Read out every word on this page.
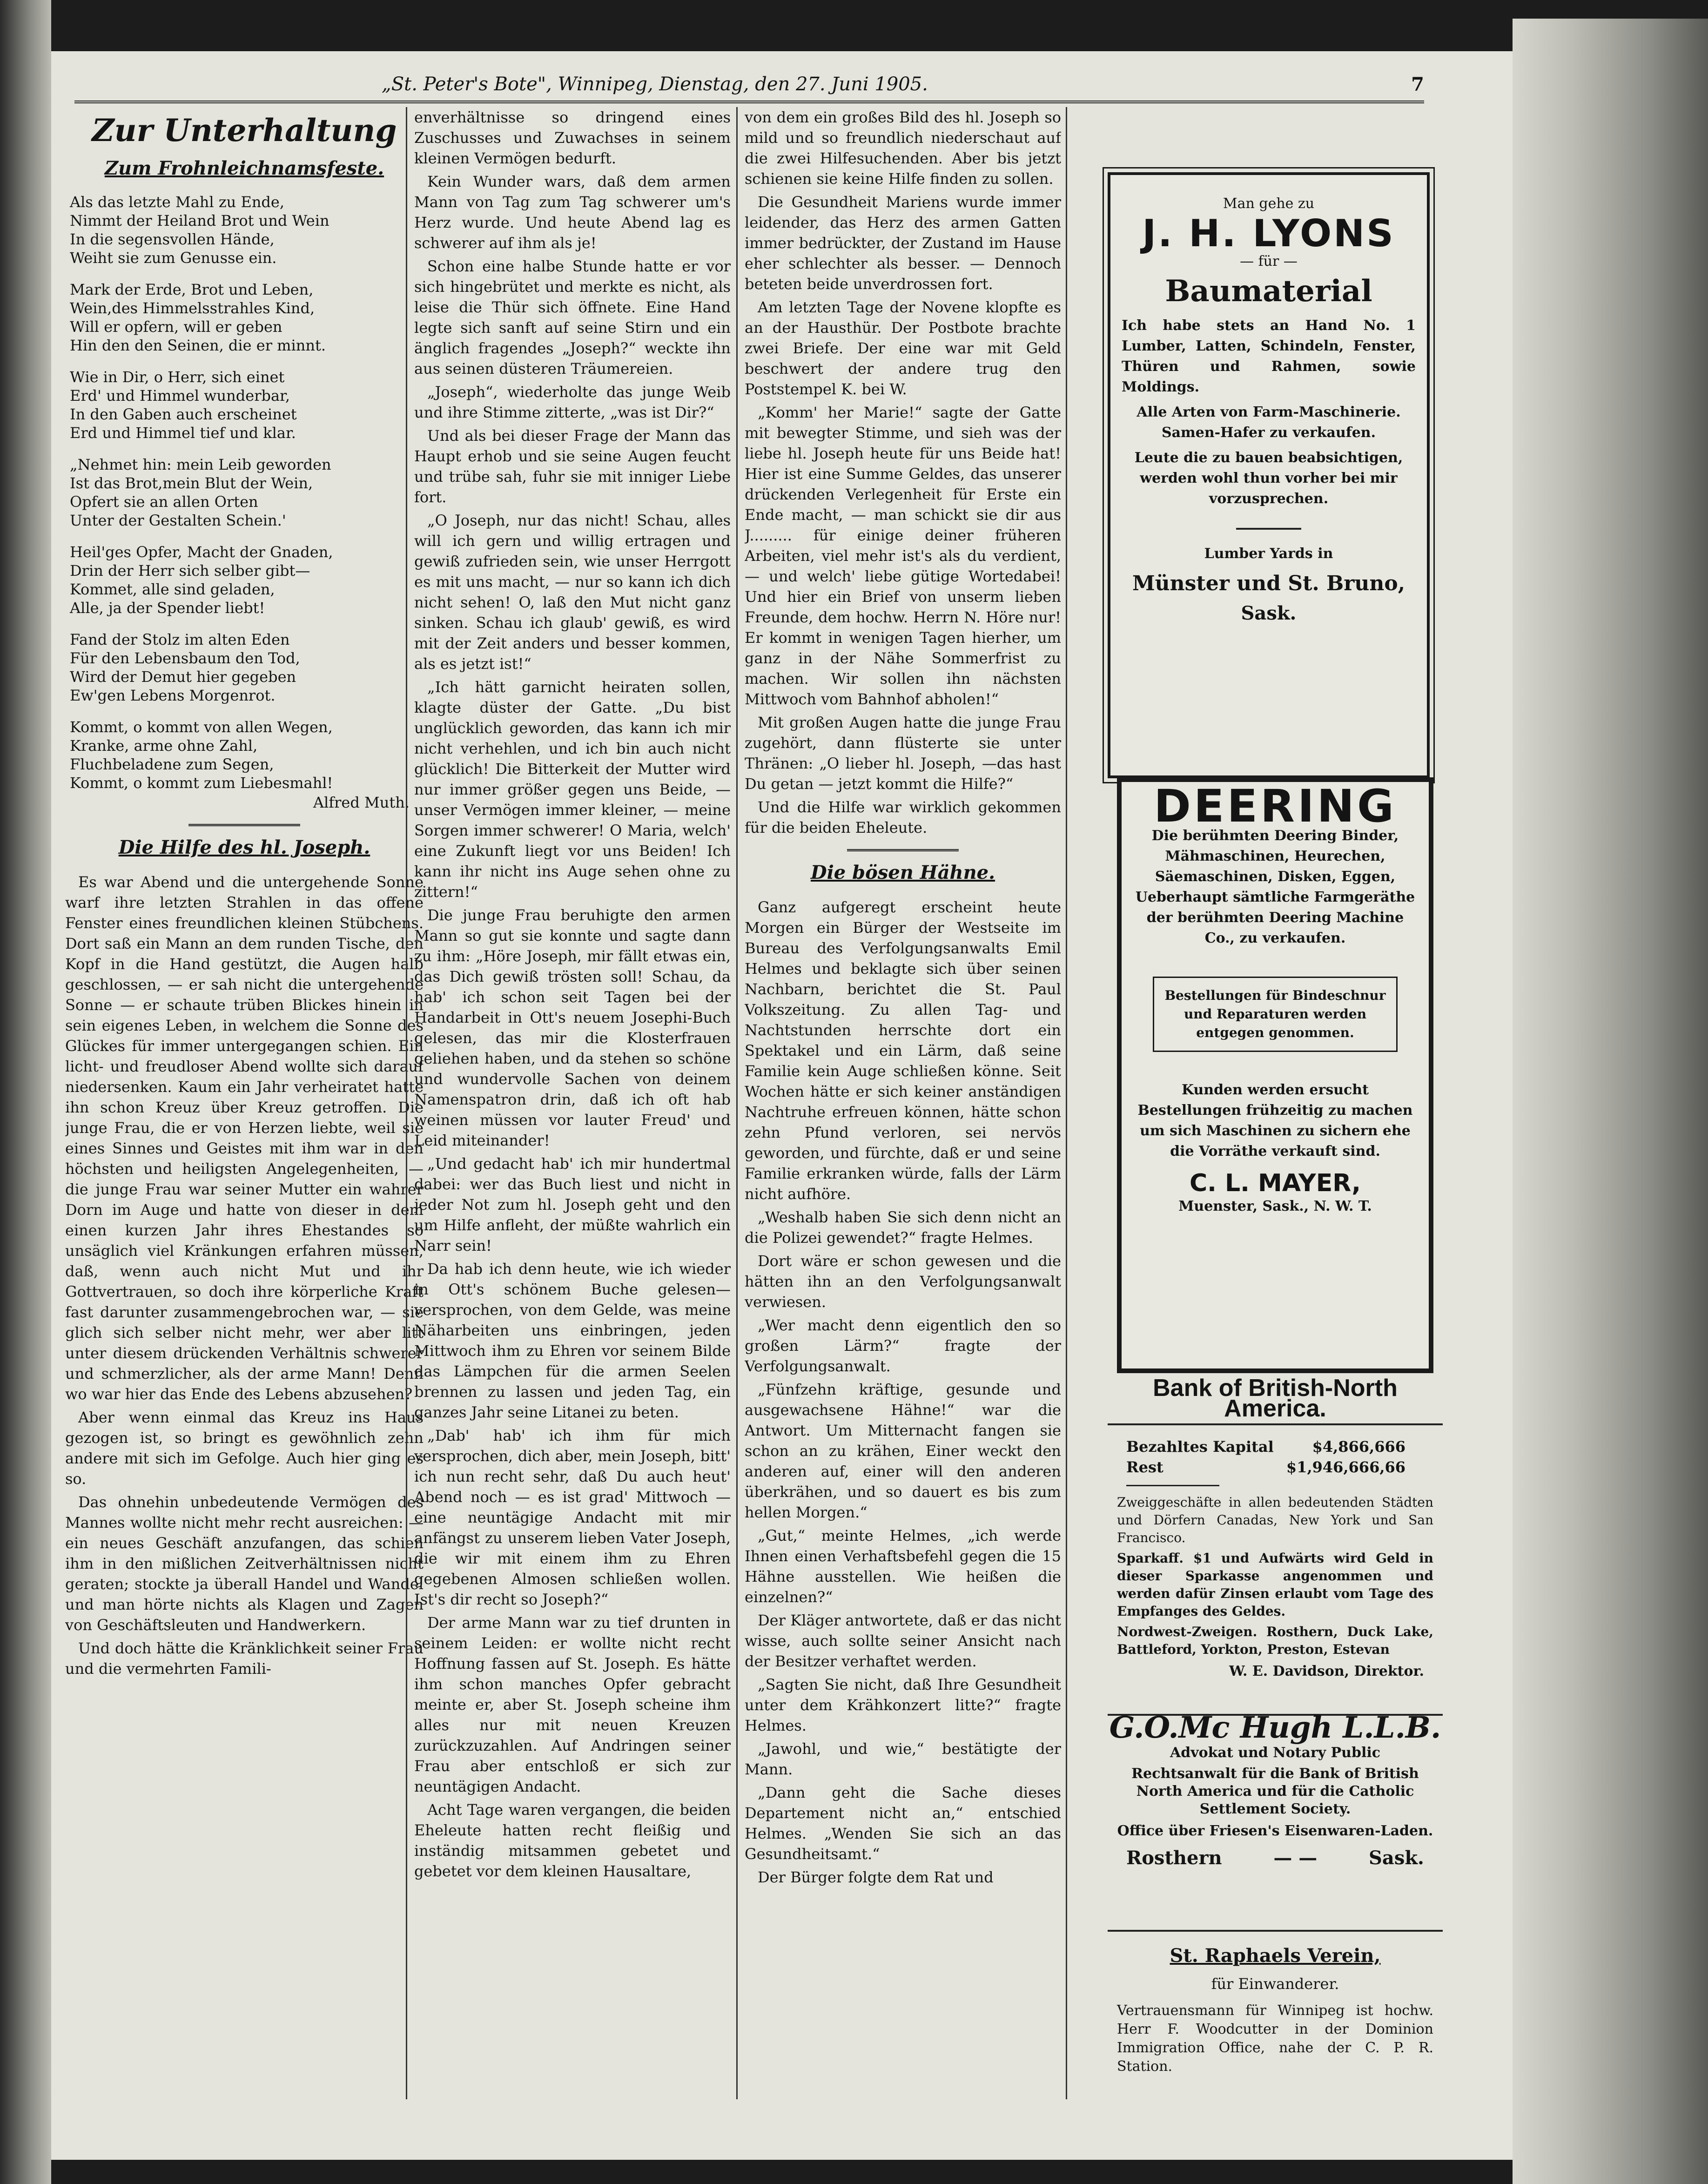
„St. Peter's Bote", Winnipeg, Dienstag, den 27. Juni 1905.	7
Zur Unterhaltung
Zum Frohnleichnamsfeste.
Als das letzte Mahl zu Ende,
Nimmt der Heiland Brot und Wein
In die segensvollen Hände,
Weiht sie zum Genusse ein.
Mark der Erde, Brot und Leben,
Wein,des Himmelsstrahles Kind,
Will er opfern, will er geben
Hin den den Seinen, die er minnt.
Wie in Dir, o Herr, sich einet
Erd' und Himmel wunderbar,
In den Gaben auch erscheinet
Erd und Himmel tief und klar.
„Nehmet hin: mein Leib geworden
Ist das Brot,mein Blut der Wein,
Opfert sie an allen Orten
Unter der Gestalten Schein.'
Heil'ges Opfer, Macht der Gnaden,
Drin der Herr sich selber gibt—
Kommet, alle sind geladen,
Alle, ja der Spender liebt!
Fand der Stolz im alten Eden
Für den Lebensbaum den Tod,
Wird der Demut hier gegeben
Ew'gen Lebens Morgenrot.
Kommt, o kommt von allen Wegen,
Kranke, arme ohne Zahl,
Fluchbeladene zum Segen,
Kommt, o kommt zum Liebesmahl!
Alfred Muth.
Die Hilfe des hl. Joseph.

Es war Abend und die untergehende Sonne warf ihre letzten Strahlen in das offene Fenster eines freundlichen kleinen Stübchens. Dort saß ein Mann an dem runden Tische, den Kopf in die Hand gestützt, die Augen halb geschlossen, — er sah nicht die untergehende Sonne — er schaute trüben Blickes hinein in sein eigenes Leben, in welchem die Sonne des Glückes für immer untergegangen schien. Ein licht- und freudloser Abend wollte sich darauf niedersenken. Kaum ein Jahr verheiratet hatte ihn schon Kreuz über Kreuz getroffen. Die junge Frau, die er von Herzen liebte, weil sie eines Sinnes und Geistes mit ihm war in den höchsten und heiligsten Angelegenheiten, — die junge Frau war seiner Mutter ein wahrer Dorn im Auge und hatte von dieser in dem einen kurzen Jahr ihres Ehestandes so unsäglich viel Kränkungen erfahren müssen, daß, wenn auch nicht Mut und ihr Gottvertrauen, so doch ihre körperliche Kraft fast darunter zusammengebrochen war, — sie glich sich selber nicht mehr, wer aber litt unter diesem drückenden Verhältnis schwerer und schmerzlicher, als der arme Mann! Denn wo war hier das Ende des Lebens abzusehen?

Aber wenn einmal das Kreuz ins Haus gezogen ist, so bringt es gewöhnlich zehn andere mit sich im Gefolge. Auch hier ging es so.

Das ohnehin unbedeutende Vermögen des Mannes wollte nicht mehr recht ausreichen: — ein neues Geschäft anzufangen, das schien ihm in den mißlichen Zeitverhältnissen nicht geraten; stockte ja überall Handel und Wandel und man hörte nichts als Klagen und Zagen von Geschäftsleuten und Handwerkern.

Und doch hätte die Kränklichkeit seiner Frau und die vermehrten Famili-

enverhältnisse so dringend eines Zuschusses und Zuwachses in seinem kleinen Vermögen bedurft.

Kein Wunder wars, daß dem armen Mann von Tag zum Tag schwerer um's Herz wurde. Und heute Abend lag es schwerer auf ihm als je!

Schon eine halbe Stunde hatte er vor sich hingebrütet und merkte es nicht, als leise die Thür sich öffnete. Eine Hand legte sich sanft auf seine Stirn und ein änglich fragendes „Joseph?“ weckte ihn aus seinen düsteren Träumereien.

„Joseph“, wiederholte das junge Weib und ihre Stimme zitterte, „was ist Dir?“

Und als bei dieser Frage der Mann das Haupt erhob und sie seine Augen feucht und trübe sah, fuhr sie mit inniger Liebe fort.

„O Joseph, nur das nicht! Schau, alles will ich gern und willig ertragen und gewiß zufrieden sein, wie unser Herrgott es mit uns macht, — nur so kann ich dich nicht sehen! O, laß den Mut nicht ganz sinken. Schau ich glaub' gewiß, es wird mit der Zeit anders und besser kommen, als es jetzt ist!“

„Ich hätt garnicht heiraten sollen, klagte düster der Gatte. „Du bist unglücklich geworden, das kann ich mir nicht verhehlen, und ich bin auch nicht glücklich! Die Bitterkeit der Mutter wird nur immer größer gegen uns Beide, — unser Vermögen immer kleiner, — meine Sorgen immer schwerer! O Maria, welch' eine Zukunft liegt vor uns Beiden! Ich kann ihr nicht ins Auge sehen ohne zu zittern!“

Die junge Frau beruhigte den armen Mann so gut sie konnte und sagte dann zu ihm: „Höre Joseph, mir fällt etwas ein, das Dich gewiß trösten soll! Schau, da hab' ich schon seit Tagen bei der Handarbeit in Ott's neuem Josephi-Buch gelesen, das mir die Klosterfrauen geliehen haben, und da stehen so schöne und wundervolle Sachen von deinem Namenspatron drin, daß ich oft hab weinen müssen vor lauter Freud' und Leid miteinander!

„Und gedacht hab' ich mir hundertmal dabei: wer das Buch liest und nicht in jeder Not zum hl. Joseph geht und den um Hilfe anfleht, der müßte wahrlich ein Narr sein!

Da hab ich denn heute, wie ich wieder in Ott's schönem Buche gelesen— versprochen, von dem Gelde, was meine Näharbeiten uns einbringen, jeden Mittwoch ihm zu Ehren vor seinem Bilde das Lämpchen für die armen Seelen brennen zu lassen und jeden Tag, ein ganzes Jahr seine Litanei zu beten.

„Dab' hab' ich ihm für mich versprochen, dich aber, mein Joseph, bitt' ich nun recht sehr, daß Du auch heut' Abend noch — es ist grad' Mittwoch —eine neuntägige Andacht mit mir anfängst zu unserem lieben Vater Joseph, die wir mit einem ihm zu Ehren gegebenen Almosen schließen wollen. Ist's dir recht so Joseph?“

Der arme Mann war zu tief drunten in seinem Leiden: er wollte nicht recht Hoffnung fassen auf St. Joseph. Es hätte ihm schon manches Opfer gebracht meinte er, aber St. Joseph scheine ihm alles nur mit neuen Kreuzen zurückzuzahlen. Auf Andringen seiner Frau aber entschloß er sich zur neuntägigen Andacht.

Acht Tage waren vergangen, die beiden Eheleute hatten recht fleißig und inständig mitsammen gebetet und gebetet vor dem kleinen Hausaltare,

von dem ein großes Bild des hl. Joseph so mild und so freundlich niederschaut auf die zwei Hilfesuchenden. Aber bis jetzt schienen sie keine Hilfe finden zu sollen.

Die Gesundheit Mariens wurde immer leidender, das Herz des armen Gatten immer bedrückter, der Zustand im Hause eher schlechter als besser. — Dennoch beteten beide unverdrossen fort.

Am letzten Tage der Novene klopfte es an der Hausthür. Der Postbote brachte zwei Briefe. Der eine war mit Geld beschwert der andere trug den Poststempel K. bei W.

„Komm' her Marie!“ sagte der Gatte mit bewegter Stimme, und sieh was der liebe hl. Joseph heute für uns Beide hat! Hier ist eine Summe Geldes, das unserer drückenden Verlegenheit für Erste ein Ende macht, — man schickt sie dir aus J......... für einige deiner früheren Arbeiten, viel mehr ist's als du verdient, — und welch' liebe gütige Wortedabei! Und hier ein Brief von unserm lieben Freunde, dem hochw. Herrn N. Höre nur! Er kommt in wenigen Tagen hierher, um ganz in der Nähe Sommerfrist zu machen. Wir sollen ihn nächsten Mittwoch vom Bahnhof abholen!“

Mit großen Augen hatte die junge Frau zugehört, dann flüsterte sie unter Thränen: „O lieber hl. Joseph, —das hast Du getan — jetzt kommt die Hilfe?“

Und die Hilfe war wirklich gekommen für die beiden Eheleute.

Die bösen Hähne.

Ganz aufgeregt erscheint heute Morgen ein Bürger der Westseite im Bureau des Verfolgungsanwalts Emil Helmes und beklagte sich über seinen Nachbarn, berichtet die St. Paul Volkszeitung. Zu allen Tag- und Nachtstunden herrschte dort ein Spektakel und ein Lärm, daß seine Familie kein Auge schließen könne. Seit Wochen hätte er sich keiner anständigen Nachtruhe erfreuen können, hätte schon zehn Pfund verloren, sei nervös geworden, und fürchte, daß er und seine Familie erkranken würde, falls der Lärm nicht aufhöre.

„Weshalb haben Sie sich denn nicht an die Polizei gewendet?“ fragte Helmes.

Dort wäre er schon gewesen und die hätten ihn an den Verfolgungsanwalt verwiesen.

„Wer macht denn eigentlich den so großen Lärm?“ fragte der Verfolgungsanwalt.

„Fünfzehn kräftige, gesunde und ausgewachsene Hähne!“ war die Antwort. Um Mitternacht fangen sie schon an zu krähen, Einer weckt den anderen auf, einer will den anderen überkrähen, und so dauert es bis zum hellen Morgen.“

„Gut,“ meinte Helmes, „ich werde Ihnen einen Verhaftsbefehl gegen die 15 Hähne ausstellen. Wie heißen die einzelnen?“

Der Kläger antwortete, daß er das nicht wisse, auch sollte seiner Ansicht nach der Besitzer verhaftet werden.

„Sagten Sie nicht, daß Ihre Gesundheit unter dem Krähkonzert litte?“ fragte Helmes.

„Jawohl, und wie,“ bestätigte der Mann.

„Dann geht die Sache dieses Departement nicht an,“ entschied Helmes. „Wenden Sie sich an das Gesundheitsamt.“

Der Bürger folgte dem Rat und

Man gehe zu
J. H. LYONS
— für —
Baumaterial
Ich habe stets an Hand No. 1 Lumber, Latten, Schindeln, Fenster, Thüren und Rahmen, sowie Moldings.
Alle Arten von Farm-Maschinerie. Samen-Hafer zu verkaufen.
Leute die zu bauen beabsichtigen, werden wohl thun vorher bei mir vorzusprechen.
Lumber Yards in
Münster und St. Bruno,
Sask.
DEERING
Die berühmten Deering Binder, Mähmaschinen, Heurechen, Säemaschinen, Disken, Eggen, Ueberhaupt sämtliche Farmgeräthe der berühmten Deering Machine Co., zu verkaufen.
Bestellungen für Bindeschnur und Reparaturen werden entgegen genommen.
Kunden werden ersucht Bestellungen frühzeitig zu machen um sich Maschinen zu sichern ehe die Vorräthe verkauft sind.
C. L. MAYER,
Muenster, Sask., N. W. T.
Bank of British-North America.
Bezahltes Kapital	$4,866,666
Rest	$1,946,666,66
Zweiggeschäfte in allen bedeutenden Städten und Dörfern Canadas, New York und San Francisco.
Sparkaff. $1 und Aufwärts wird Geld in dieser Sparkasse angenommen und werden dafür Zinsen erlaubt vom Tage des Empfanges des Geldes.
Nordwest-Zweigen. Rosthern, Duck Lake, Battleford, Yorkton, Preston, Estevan
W. E. Davidson, Direktor.
G.O.Mc Hugh L.L.B.
Advokat und Notary Public
Rechtsanwalt für die Bank of British North America und für die Catholic Settlement Society.
Office über Friesen's Eisenwaren-Laden.
Rosthern	— —	Sask.
St. Raphaels Verein,
für Einwanderer.
Vertrauensmann für Winnipeg ist hochw. Herr F. Woodcutter in der Dominion Immigration Office, nahe der C. P. R. Station.
